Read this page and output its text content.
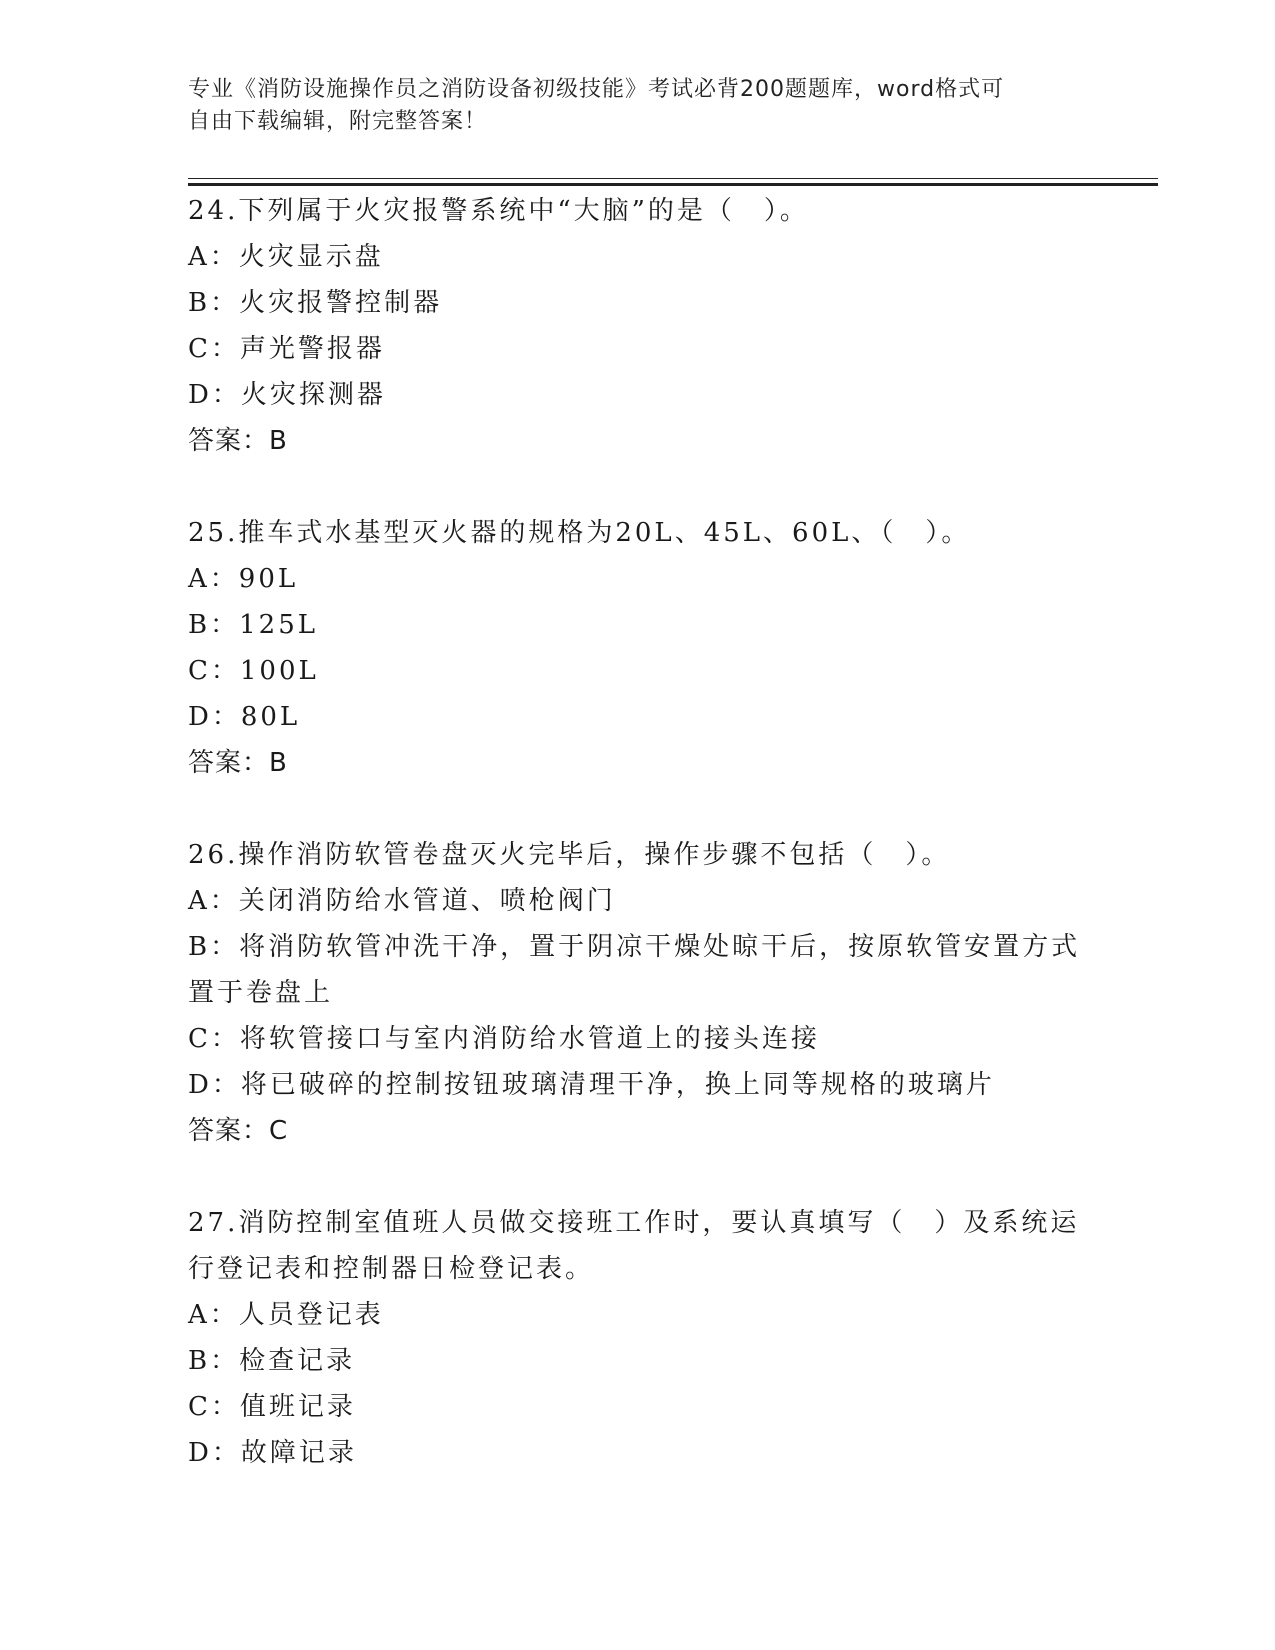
专业《消防设施操作员之消防设备初级技能》考试必背200题题库，word格式可
自由下载编辑，附完整答案！

24.下列属于火灾报警系统中“大脑”的是（　）。

A：火灾显示盘

B：火灾报警控制器

C：声光警报器

D：火灾探测器

答案：B

25.推车式水基型灭火器的规格为20L、45L、60L、（　）。

A：90L

B：125L

C：100L

D：80L

答案：B

26.操作消防软管卷盘灭火完毕后，操作步骤不包括（　）。

A：关闭消防给水管道、喷枪阀门

B：将消防软管冲洗干净，置于阴凉干燥处晾干后，按原软管安置方式置于卷盘上

C：将软管接口与室内消防给水管道上的接头连接

D：将已破碎的控制按钮玻璃清理干净，换上同等规格的玻璃片

答案：C

27.消防控制室值班人员做交接班工作时，要认真填写（　）及系统运行登记表和控制器日检登记表。

A：人员登记表

B：检查记录

C：值班记录

D：故障记录
